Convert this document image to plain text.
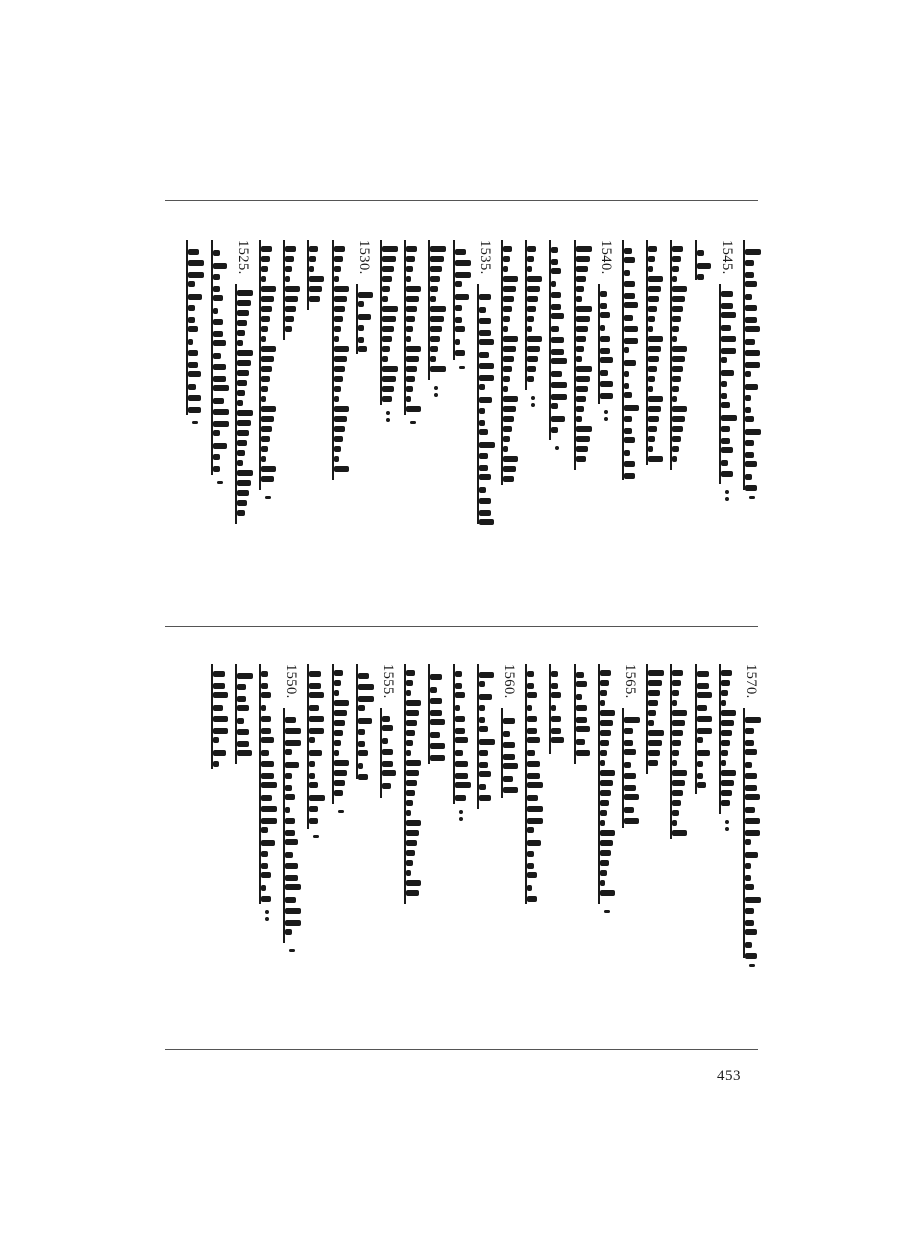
1545.
1540.
1535.
1530.
1525.
1570.
1565.
1560.
1555.
1550.
453
